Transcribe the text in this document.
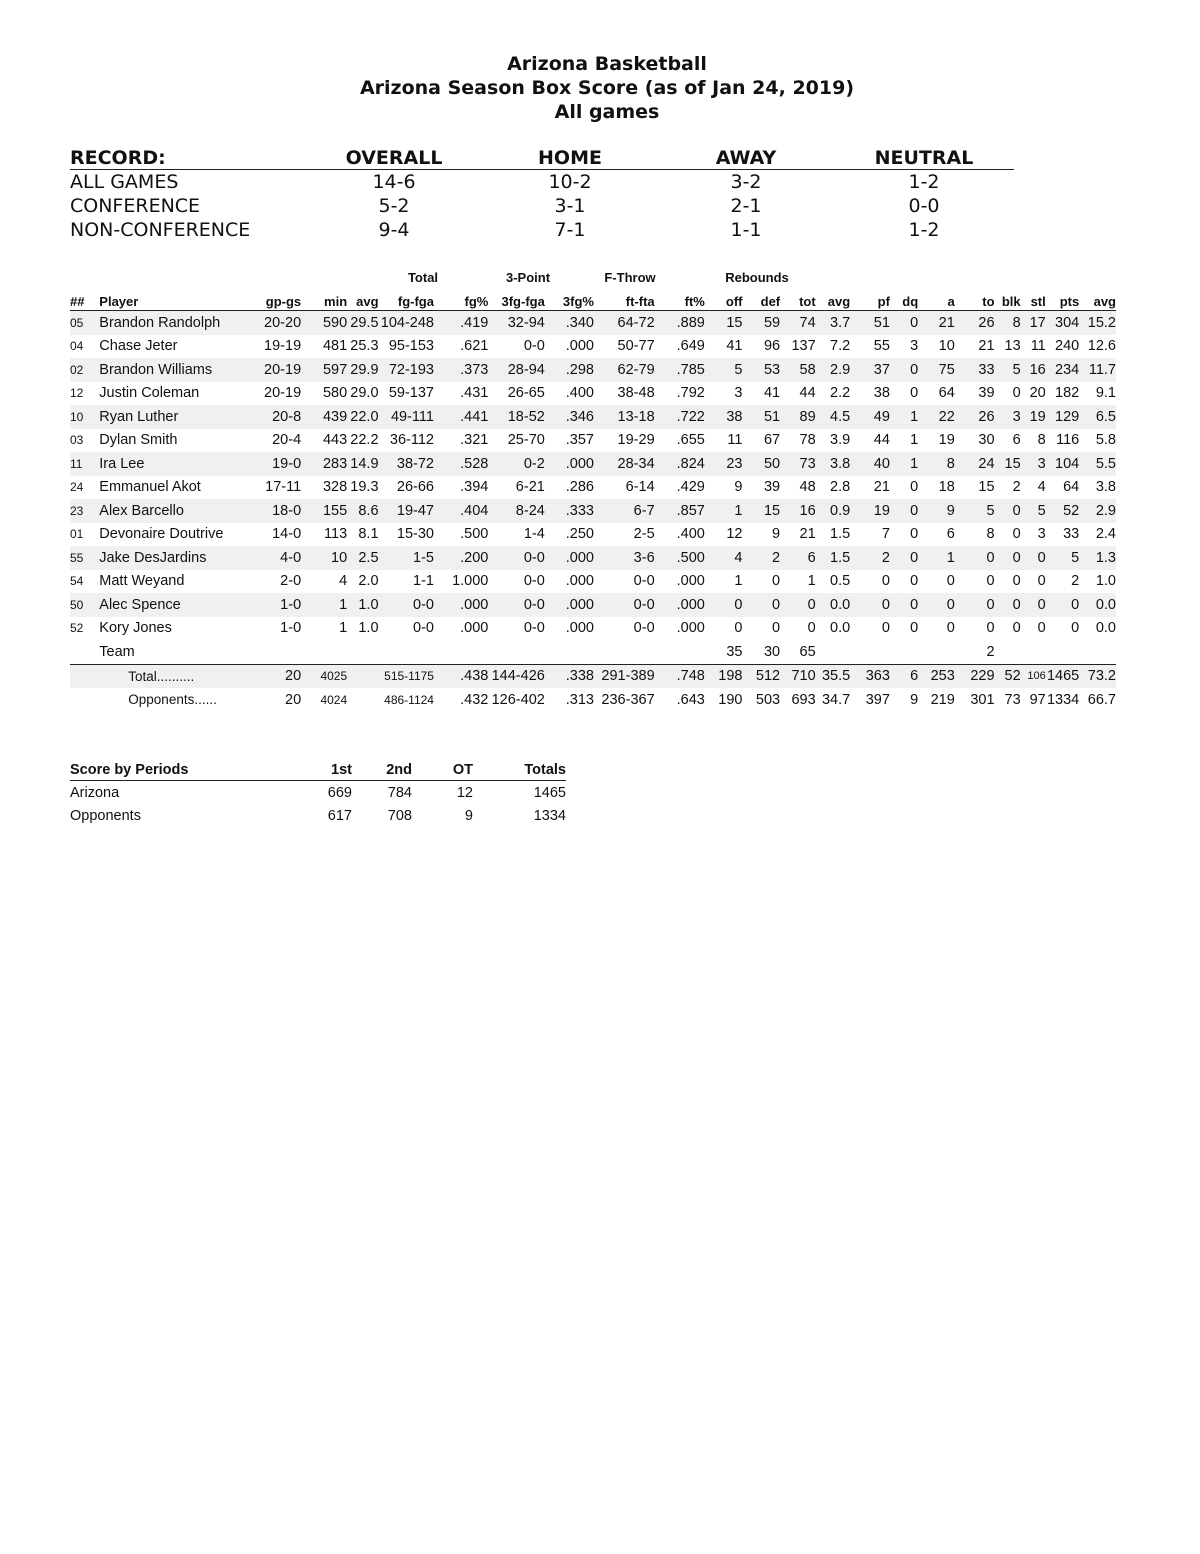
Arizona Basketball
Arizona Season Box Score (as of Jan 24, 2019)
All games
RECORD:	OVERALL	HOME	AWAY	NEUTRAL
ALL GAMES	14-6	10-2	3-2	1-2
CONFERENCE	5-2	3-1	2-1	0-0
NON-CONFERENCE	9-4	7-1	1-1	1-2
Total	3-Point	F-Throw	Rebounds
##	Player	gp-gs	min	avg	fg-fga	fg%	3fg-fga	3fg%	ft-fta	ft%	off	def	tot	avg	pf	dq	a	to	blk	stl	pts	avg
05	Brandon Randolph	20-20	590	29.5	104-248	.419	32-94	.340	64-72	.889	15	59	74	3.7	51	0	21	26	8	17	304	15.2
04	Chase Jeter	19-19	481	25.3	95-153	.621	0-0	.000	50-77	.649	41	96	137	7.2	55	3	10	21	13	11	240	12.6
02	Brandon Williams	20-19	597	29.9	72-193	.373	28-94	.298	62-79	.785	5	53	58	2.9	37	0	75	33	5	16	234	11.7
12	Justin Coleman	20-19	580	29.0	59-137	.431	26-65	.400	38-48	.792	3	41	44	2.2	38	0	64	39	0	20	182	9.1
10	Ryan Luther	20-8	439	22.0	49-111	.441	18-52	.346	13-18	.722	38	51	89	4.5	49	1	22	26	3	19	129	6.5
03	Dylan Smith	20-4	443	22.2	36-112	.321	25-70	.357	19-29	.655	11	67	78	3.9	44	1	19	30	6	8	116	5.8
11	Ira Lee	19-0	283	14.9	38-72	.528	0-2	.000	28-34	.824	23	50	73	3.8	40	1	8	24	15	3	104	5.5
24	Emmanuel Akot	17-11	328	19.3	26-66	.394	6-21	.286	6-14	.429	9	39	48	2.8	21	0	18	15	2	4	64	3.8
23	Alex Barcello	18-0	155	8.6	19-47	.404	8-24	.333	6-7	.857	1	15	16	0.9	19	0	9	5	0	5	52	2.9
01	Devonaire Doutrive	14-0	113	8.1	15-30	.500	1-4	.250	2-5	.400	12	9	21	1.5	7	0	6	8	0	3	33	2.4
55	Jake DesJardins	4-0	10	2.5	1-5	.200	0-0	.000	3-6	.500	4	2	6	1.5	2	0	1	0	0	0	5	1.3
54	Matt Weyand	2-0	4	2.0	1-1	1.000	0-0	.000	0-0	.000	1	0	1	0.5	0	0	0	0	0	0	2	1.0
50	Alec Spence	1-0	1	1.0	0-0	.000	0-0	.000	0-0	.000	0	0	0	0.0	0	0	0	0	0	0	0	0.0
52	Kory Jones	1-0	1	1.0	0-0	.000	0-0	.000	0-0	.000	0	0	0	0.0	0	0	0	0	0	0	0	0.0
	Team										35	30	65					2				
	Total..........	20	4025		515-1175	.438	144-426	.338	291-389	.748	198	512	710	35.5	363	6	253	229	52	106	1465	73.2
	Opponents......	20	4024		486-1124	.432	126-402	.313	236-367	.643	190	503	693	34.7	397	9	219	301	73	97	1334	66.7
Score by Periods	1st	2nd	OT	Totals
Arizona	669	784	12	1465
Opponents	617	708	9	1334
